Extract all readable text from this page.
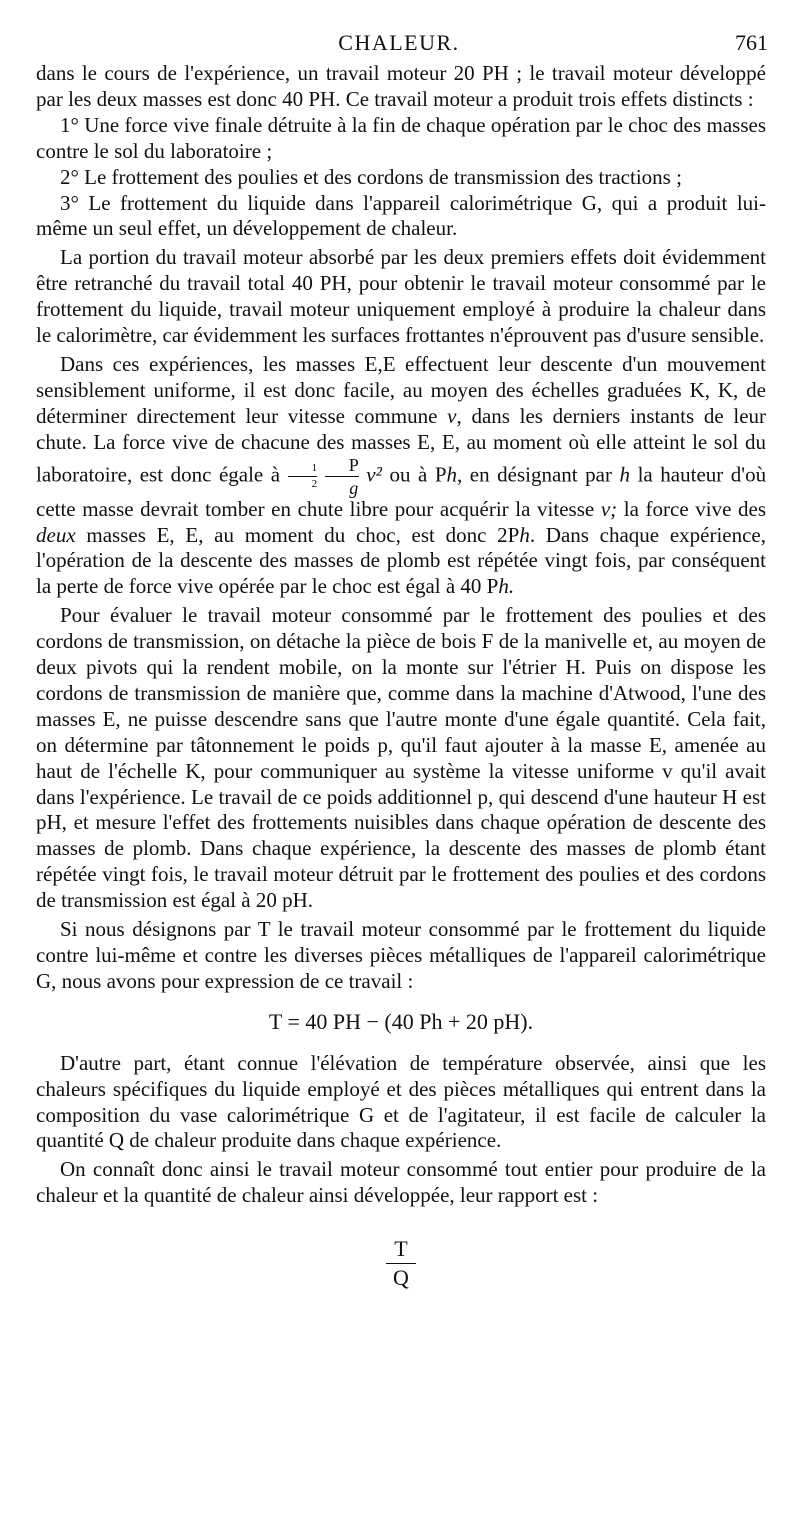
CHALEUR.	761

dans le cours de l'expérience, un travail moteur 20 PH ; le travail moteur développé par les deux masses est donc 40 PH. Ce travail moteur a produit trois effets distincts :

1° Une force vive finale détruite à la fin de chaque opération par le choc des masses contre le sol du laboratoire ;

2° Le frottement des poulies et des cordons de transmission des tractions ;

3° Le frottement du liquide dans l'appareil calorimétrique G, qui a produit lui-même un seul effet, un développement de chaleur.

La portion du travail moteur absorbé par les deux premiers effets doit évidemment être retranché du travail total 40 PH, pour obtenir le travail moteur consommé par le frottement du liquide, travail moteur uniquement employé à produire la chaleur dans le calorimètre, car évidemment les surfaces frottantes n'éprouvent pas d'usure sensible.

Dans ces expériences, les masses E,E effectuent leur descente d'un mouvement sensiblement uniforme, il est donc facile, au moyen des échelles graduées K, K, de déterminer directement leur vitesse commune v, dans les derniers instants de leur chute. La force vive de chacune des masses E, E, au moment où elle atteint le sol du laboratoire, est donc égale à $\frac{1}{2}$
$\frac{P}{g} v^2$ ou à Ph, en désignant par h la hauteur d'où cette masse devrait tomber en chute libre pour acquérir la vitesse v; la force vive des deux masses E, E, au moment du choc, est donc 2Ph. Dans chaque expérience, l'opération de la descente des masses de plomb est répétée vingt fois, par conséquent la perte de force vive opérée par le choc est égal à 40 Ph.

Pour évaluer le travail moteur consommé par le frottement des poulies et des cordons de transmission, on détache la pièce de bois F de la manivelle et, au moyen de deux pivots qui la rendent mobile, on la monte sur l'étrier H. Puis on dispose les cordons de transmission de manière que, comme dans la machine d'Atwood, l'une des masses E, ne puisse descendre sans que l'autre monte d'une égale quantité. Cela fait, on détermine par tâtonnement le poids p, qu'il faut ajouter à la masse E, amenée au haut de l'échelle K, pour communiquer au système la vitesse uniforme v qu'il avait dans l'expérience. Le travail de ce poids additionnel p, qui descend d'une hauteur H est pH, et mesure l'effet des frottements nuisibles dans chaque opération de descente des masses de plomb. Dans chaque expérience, la descente des masses de plomb étant répétée vingt fois, le travail moteur détruit par le frottement des poulies et des cordons de transmission est égal à 20 pH.

Si nous désignons par T le travail moteur consommé par le frottement du liquide contre lui-même et contre les diverses pièces métalliques de l'appareil calorimétrique G, nous avons pour expression de ce travail :

T = 40 PH − (40 Ph + 20 pH).

D'autre part, étant connue l'élévation de température observée, ainsi que les chaleurs spécifiques du liquide employé et des pièces métalliques qui entrent dans la composition du vase calorimétrique G et de l'agitateur, il est facile de calculer la quantité Q de chaleur produite dans chaque expérience.

On connaît donc ainsi le travail moteur consommé tout entier pour produire de la chaleur et la quantité de chaleur ainsi développée, leur rapport est :

T
Q
